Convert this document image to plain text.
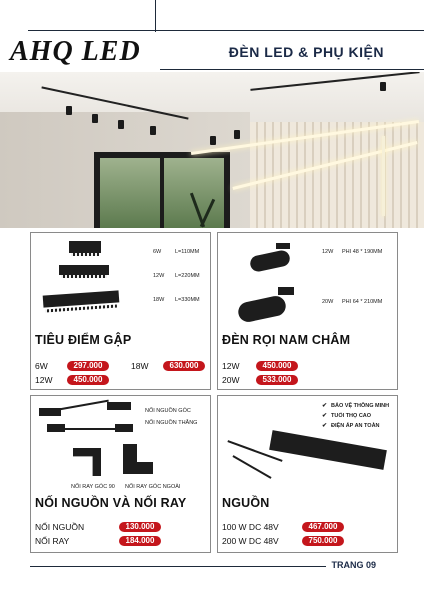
AHQ LED	ĐÈN LED & PHỤ KIỆN
6W	L=110MM
12W L=220MM
18W L=330MM
TIÊU ĐIỂM GẬP
6W	297.000	18W	630.000
12W	450.000
12W PHI 48 * 190MM
20W PHI 64 * 210MM
ĐÈN RỌI NAM CHÂM
12W	450.000
20W	533.000
NỐI NGUỒN GÓC
NỐI NGUỒN THẲNG
NỐI RAY GÓC 90 NỐI RAY GÓC NGOÀI
NỐI NGUỒN VÀ NỐI RAY
NỐI NGUỒN	130.000
NỐI RAY	184.000
✔ BẢO VỆ THÔNG MINH
✔ TUỔI THỌ CAO
✔ ĐIỆN ÁP AN TOÀN
NGUỒN
100 W DC 48V	467.000
200 W DC 48V	750.000
TRANG 09
